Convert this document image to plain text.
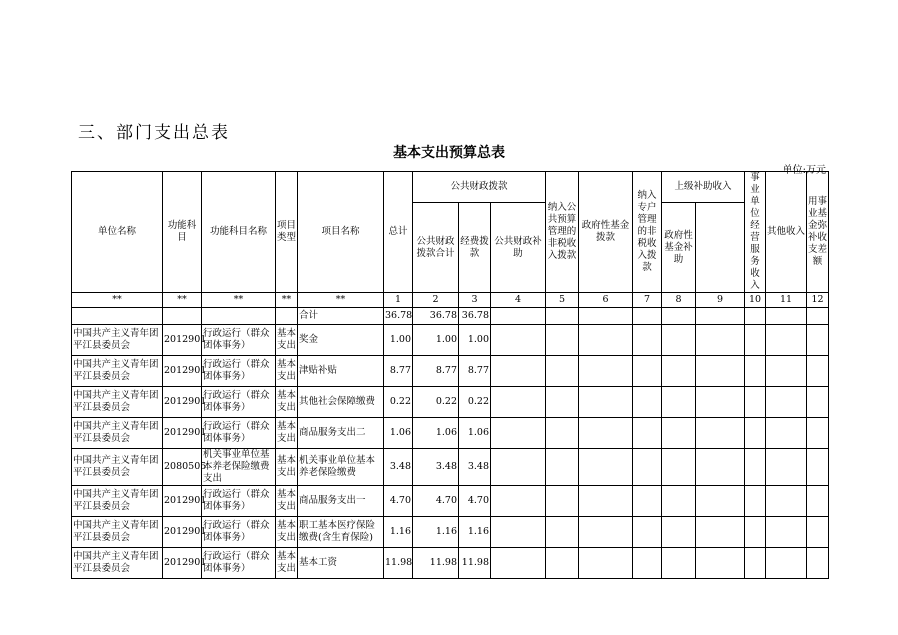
三、部门支出总表
基本支出预算总表
单位:万元
单位名称	功能科目	功能科目名称	项目类型	项目名称	总计	公共财政拨款			纳入公共预算管理的非税收入拨款	政府性基金拨款	纳入专户管理的非税收入拨款	上级补助收入		事业单位经营服务收入	其他收入	用事业基金弥补收支差额	
						公共财政拨款合计	经费拨款	公共财政补助				政府性基金补助					
**	**	**	**	**	1	2	3	4	5	6	7	8	9	10	11	12	
				合计	36.78	36.78	36.78										
中国共产主义青年团平江县委员会	2012901	行政运行（群众团体事务）	基本支出	奖金	1.00	1.00	1.00										
中国共产主义青年团平江县委员会	2012901	行政运行（群众团体事务）	基本支出	津贴补贴	8.77	8.77	8.77										
中国共产主义青年团平江县委员会	2012901	行政运行（群众团体事务）	基本支出	其他社会保障缴费	0.22	0.22	0.22										
中国共产主义青年团平江县委员会	2012901	行政运行（群众团体事务）	基本支出	商品服务支出二	1.06	1.06	1.06										
中国共产主义青年团平江县委员会	2080505	机关事业单位基本养老保险缴费支出	基本支出	机关事业单位基本养老保险缴费	3.48	3.48	3.48										
中国共产主义青年团平江县委员会	2012901	行政运行（群众团体事务）	基本支出	商品服务支出一	4.70	4.70	4.70										
中国共产主义青年团平江县委员会	2012901	行政运行（群众团体事务）	基本支出	职工基本医疗保险缴费(含生育保险)	1.16	1.16	1.16										
中国共产主义青年团平江县委员会	2012901	行政运行（群众团体事务）	基本支出	基本工资	11.98	11.98	11.98										
